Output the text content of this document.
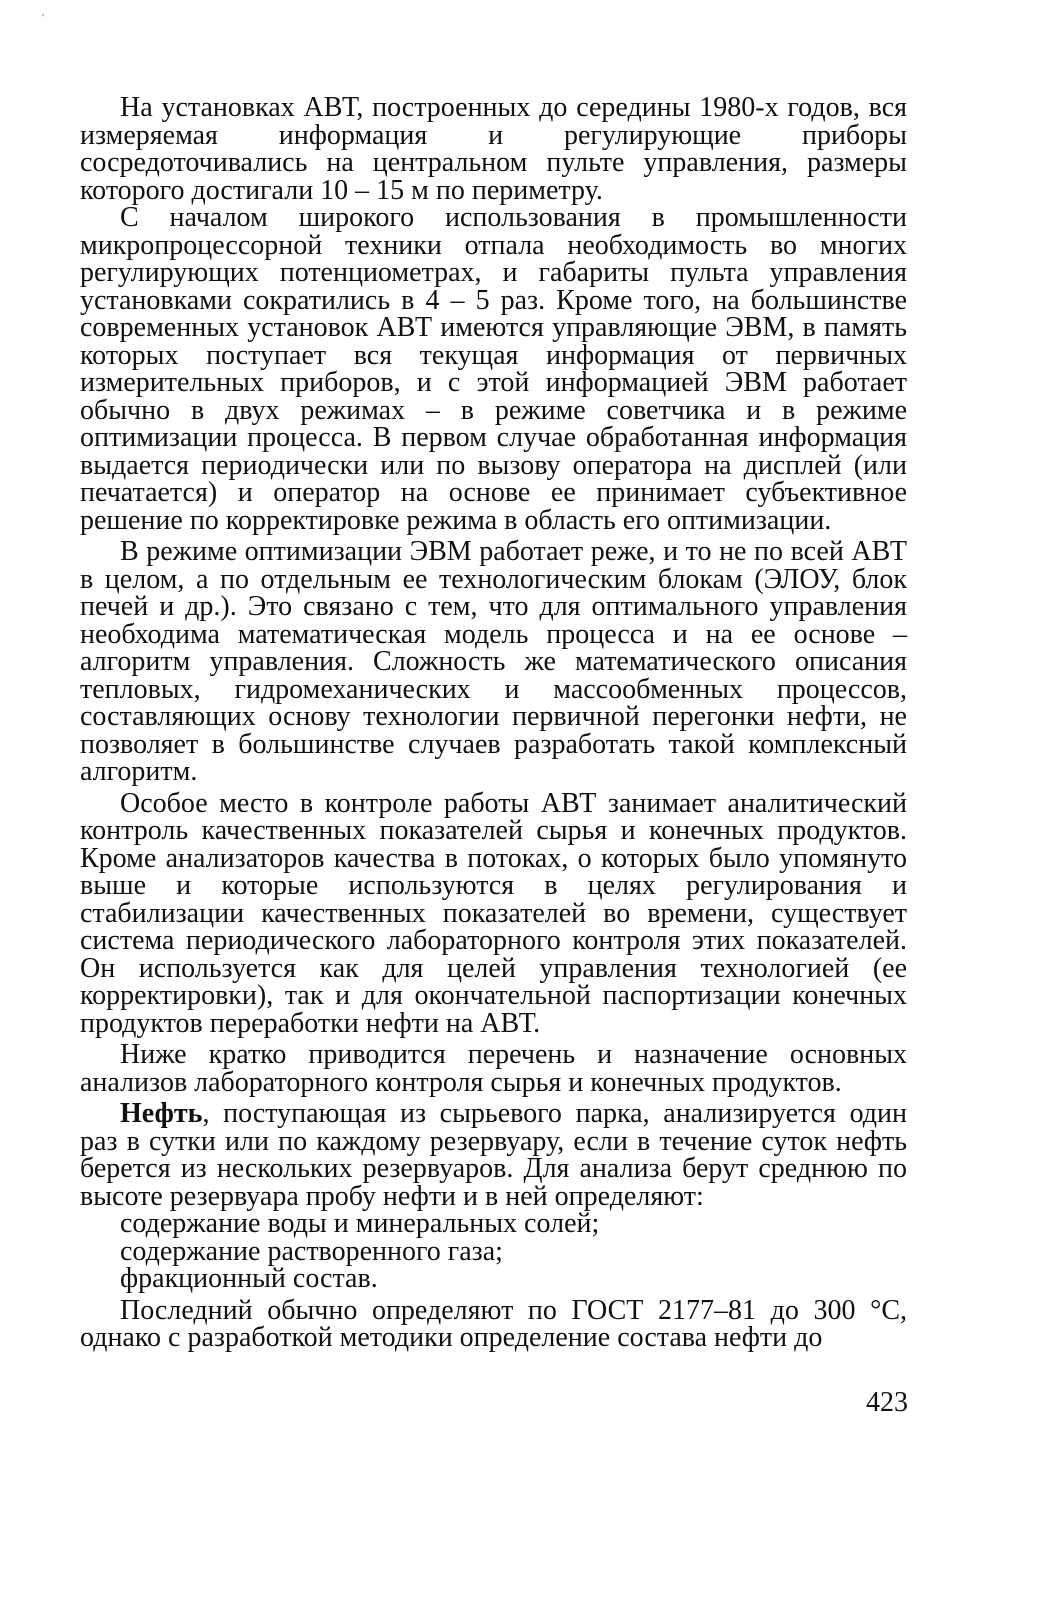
'

На установках АВТ, построенных до середины 1980-х годов, вся измеряемая информация и регулирующие приборы сосредоточивались на центральном пульте управления, размеры которого достигали 10 – 15 м по периметру.

С началом широкого использования в промышленности микропроцессорной техники отпала необходимость во многих регулирующих потенциометрах, и габариты пульта управления установками сократились в 4 – 5 раз. Кроме того, на большинстве современных установок АВТ имеются управляющие ЭВМ, в память которых поступает вся текущая информация от первичных измерительных приборов, и с этой информацией ЭВМ работает обычно в двух режимах – в режиме советчика и в режиме оптимизации процесса. В первом случае обработанная информация выдается периодически или по вызову оператора на дисплей (или печатается) и оператор на основе ее принимает субъективное решение по корректировке режима в область его оптимизации.

В режиме оптимизации ЭВМ работает реже, и то не по всей АВТ в целом, а по отдельным ее технологическим блокам (ЭЛОУ, блок печей и др.). Это связано с тем, что для оптимального управления необходима математическая модель процесса и на ее основе – алгоритм управления. Сложность же математического описания тепловых, гидромеханических и массообменных процессов, составляющих основу технологии первичной перегонки нефти, не позволяет в большинстве случаев разработать такой комплексный алгоритм.

Особое место в контроле работы АВТ занимает аналитический контроль качественных показателей сырья и конечных продуктов. Кроме анализаторов качества в потоках, о которых было упомянуто выше и которые используются в целях регулирования и стабилизации качественных показателей во времени, существует система периодического лабораторного контроля этих показателей. Он используется как для целей управления технологией (ее корректировки), так и для окончательной паспортизации конечных продуктов переработки нефти на АВТ.

Ниже кратко приводится перечень и назначение основных анализов лабораторного контроля сырья и конечных продуктов.

Нефть, поступающая из сырьевого парка, анализируется один раз в сутки или по каждому резервуару, если в течение суток нефть берется из нескольких резервуаров. Для анализа берут среднюю по высоте резервуара пробу нефти и в ней определяют:

содержание воды и минеральных солей;
содержание растворенного газа;
фракционный состав.

Последний обычно определяют по ГОСТ 2177–81 до 300 °С, однако с разработкой методики определение состава нефти до

423
